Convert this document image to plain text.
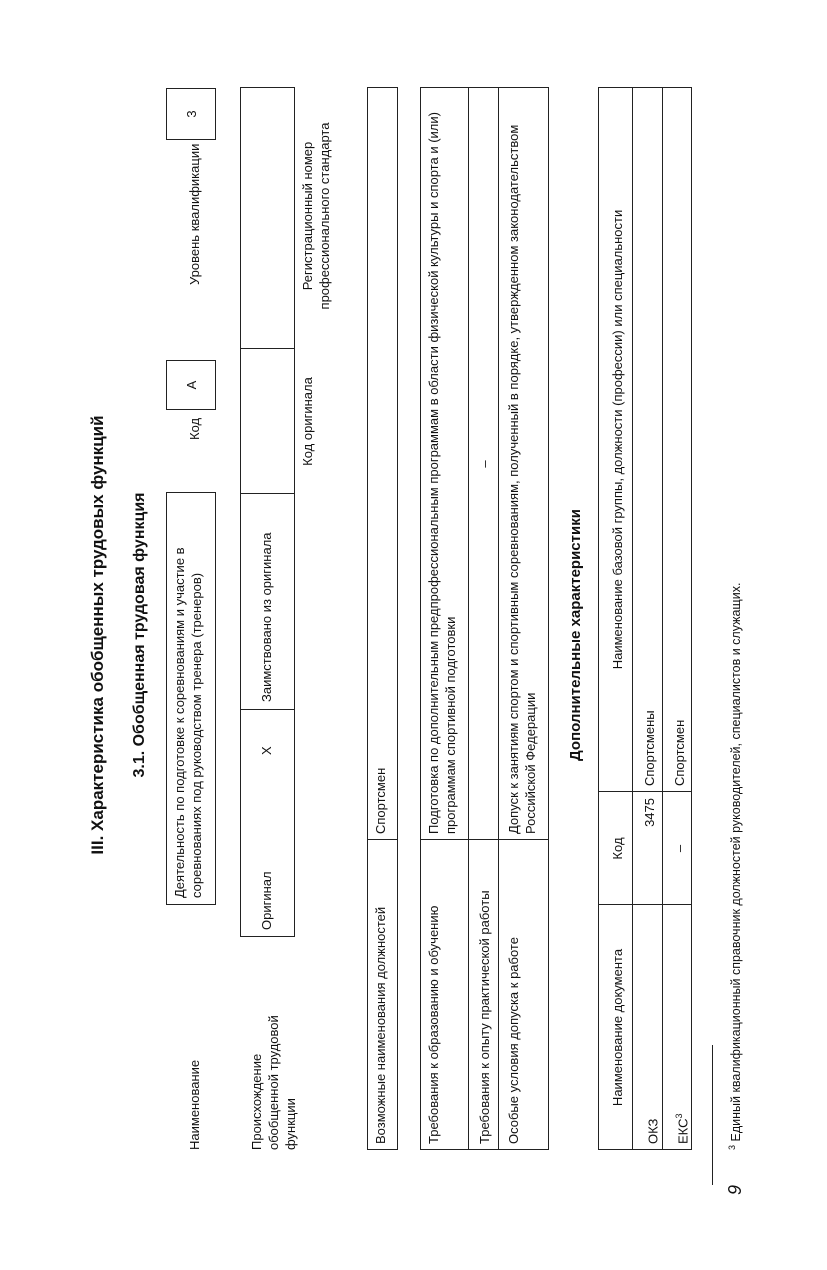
III. Характеристика обобщенных трудовых функций 3.1. Обобщенная трудовая функция
Наименование
Деятельность по подготовке к соревнованиям и участие в соревнованиях под руководством тренера (тренеров)
Код
А
Уровень квалификации
3
Происхождение обобщенной трудовой функции
Оригинал
Х
Заимствовано из оригинала
Код оригинала
Регистрационный номер профессионального стандарта
Возможные наименования должностей
Спортсмен
Требования к образованию и обучению
Подготовка по дополнительным предпрофессиональным программам в области физической культуры и спорта и (или) программам спортивной подготовки
Требования к опыту практической работы
–
Особые условия допуска к работе
Допуск к занятиям спортом и спортивным соревнованиям, полученный в порядке, утвержденном законодательством Российской Федерации
Дополнительные характеристики
Наименование документа
Код
Наименование базовой группы, должности (профессии) или специальности
ОКЗ
3475
Спортсмены
ЕКС$^3$
–
Спортсмен
$^3$ Единый квалификационный справочник должностей руководителей, специалистов и служащих.
9
